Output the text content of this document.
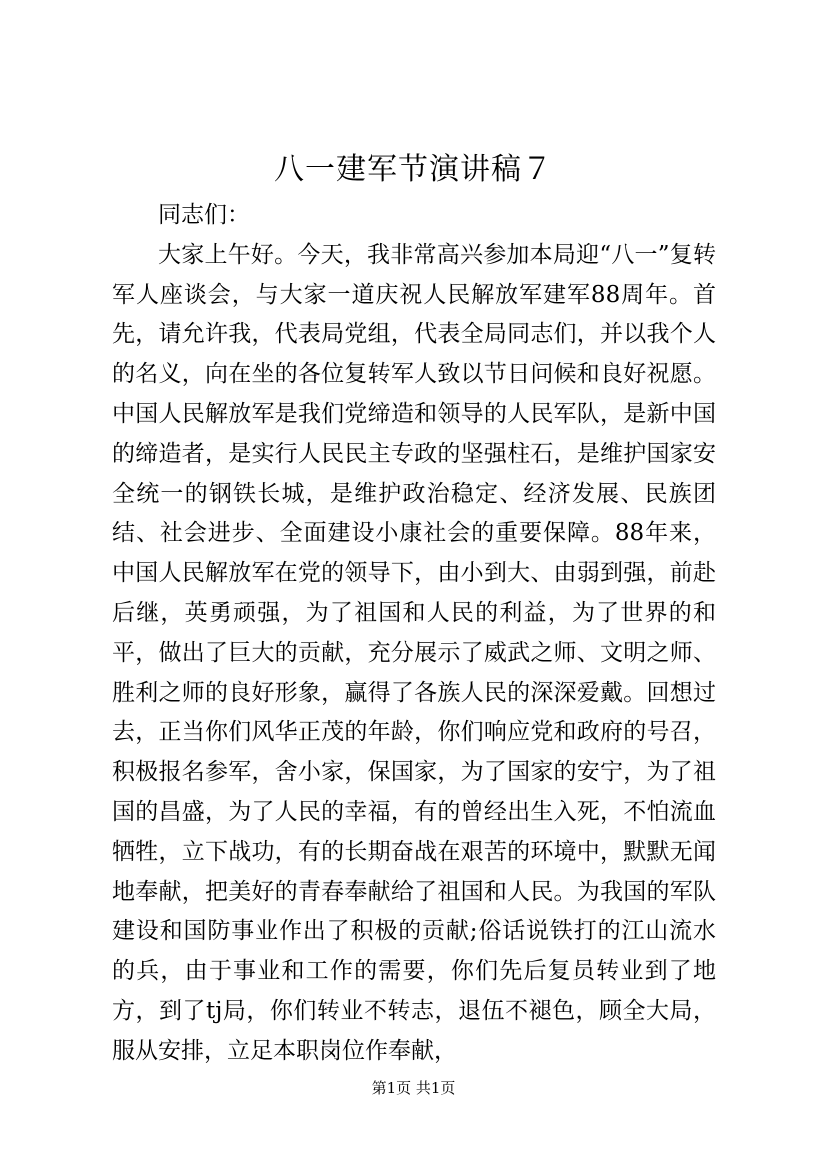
八一建军节演讲稿７

同志们：

大家上午好。今天，我非常高兴参加本局迎“八一”复转军人座谈会，与大家一道庆祝人民解放军建军88周年。首先，请允许我，代表局党组，代表全局同志们，并以我个人的名义，向在坐的各位复转军人致以节日问候和良好祝愿。中国人民解放军是我们党缔造和领导的人民军队，是新中国的缔造者，是实行人民民主专政的坚强柱石，是维护国家安全统一的钢铁长城，是维护政治稳定、经济发展、民族团结、社会进步、全面建设小康社会的重要保障。88年来，中国人民解放军在党的领导下，由小到大、由弱到强，前赴后继，英勇顽强，为了祖国和人民的利益，为了世界的和平，做出了巨大的贡献，充分展示了威武之师、文明之师、胜利之师的良好形象，赢得了各族人民的深深爱戴。回想过去，正当你们风华正茂的年龄，你们响应党和政府的号召，积极报名参军，舍小家，保国家，为了国家的安宁，为了祖国的昌盛，为了人民的幸福，有的曾经出生入死，不怕流血牺牲，立下战功，有的长期奋战在艰苦的环境中，默默无闻地奉献，把美好的青春奉献给了祖国和人民。为我国的军队建设和国防事业作出了积极的贡献;俗话说铁打的江山流水的兵，由于事业和工作的需要，你们先后复员转业到了地方，到了tj局，你们转业不转志，退伍不褪色，顾全大局，服从安排，立足本职岗位作奉献，

第1页 共1页
